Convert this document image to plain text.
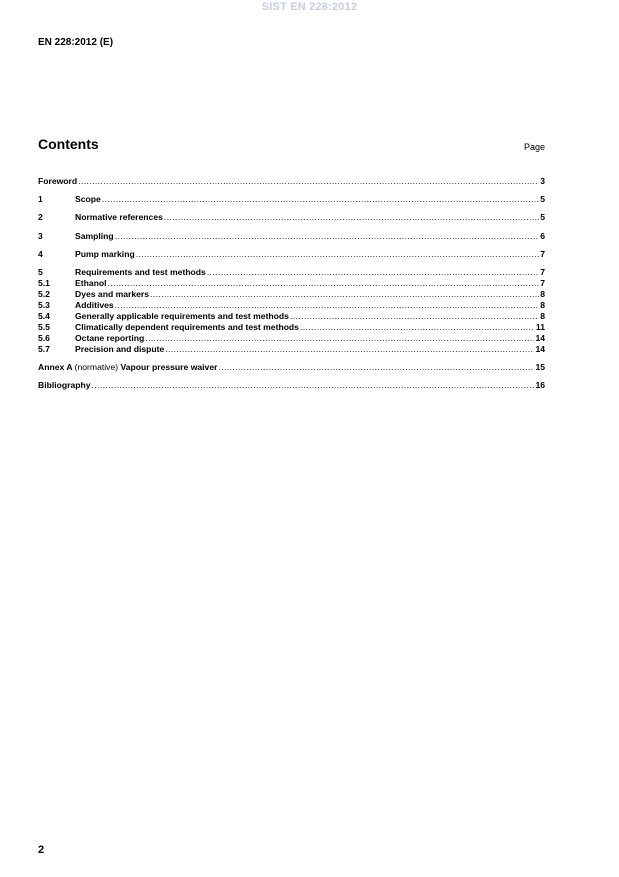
SIST EN 228:2012
EN 228:2012 (E)
Contents	Page
Foreword .....	3
1	Scope .....	5
2	Normative references .....	5
3	Sampling .....	6
4	Pump marking .....	7
5	Requirements and test methods .....	7
5.1	Ethanol .....	7
5.2	Dyes and markers .....	8
5.3	Additives .....	8
5.4	Generally applicable requirements and test methods .....	8
5.5	Climatically dependent requirements and test methods .....	11
5.6	Octane reporting .....	14
5.7	Precision and dispute .....	14
Annex A (normative) Vapour pressure waiver .....	15
Bibliography .....	16
2
